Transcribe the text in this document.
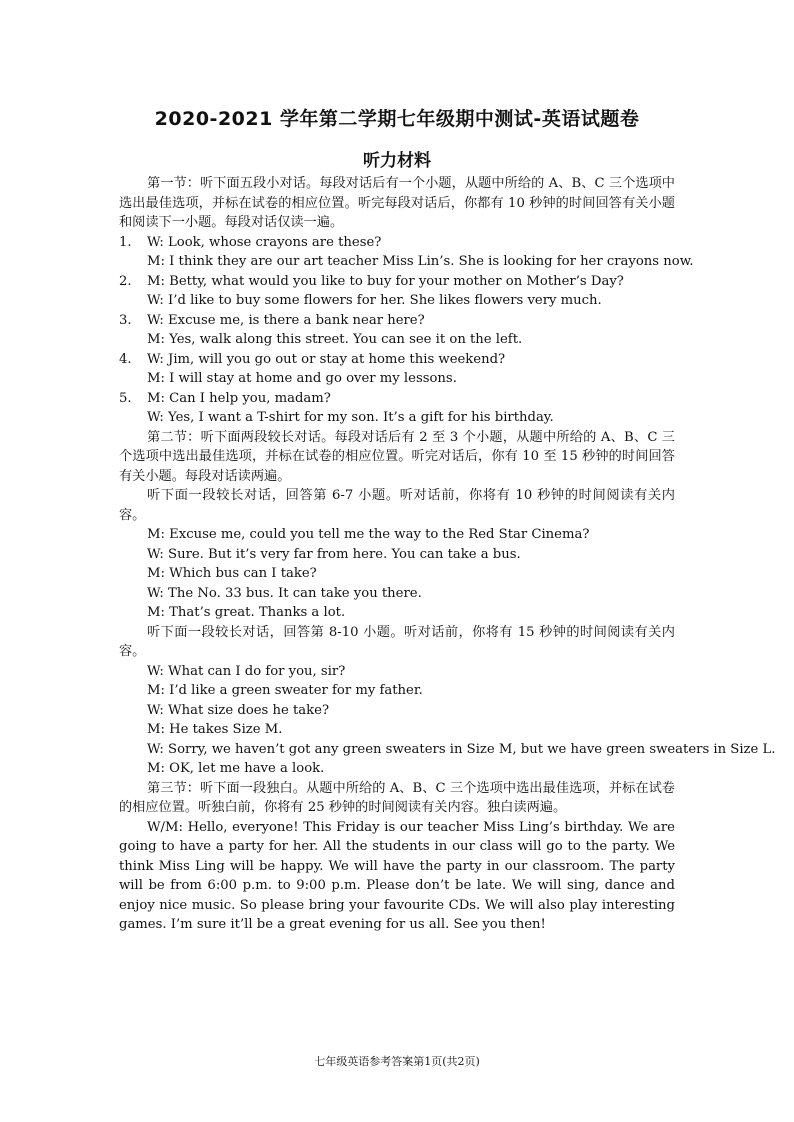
2020-2021 学年第二学期七年级期中测试-英语试题卷
听力材料

第一节：听下面五段小对话。每段对话后有一个小题，从题中所给的 A、B、C 三个选项中选出最佳选项，并标在试卷的相应位置。听完每段对话后，你都有 10 秒钟的时间回答有关小题和阅读下一小题。每段对话仅读一遍。

1. W: Look, whose crayons are these?

M: I think they are our art teacher Miss Lin’s. She is looking for her crayons now.

2. M: Betty, what would you like to buy for your mother on Mother’s Day?

W: I’d like to buy some flowers for her. She likes flowers very much.

3. W: Excuse me, is there a bank near here?

M: Yes, walk along this street. You can see it on the left.

4. W: Jim, will you go out or stay at home this weekend?

M: I will stay at home and go over my lessons.

5. M: Can I help you, madam?

W: Yes, I want a T-shirt for my son. It’s a gift for his birthday.

第二节：听下面两段较长对话。每段对话后有 2 至 3 个小题，从题中所给的 A、B、C 三个选项中选出最佳选项，并标在试卷的相应位置。听完对话后，你有 10 至 15 秒钟的时间回答有关小题。每段对话读两遍。

听下面一段较长对话，回答第 6-7 小题。听对话前，你将有 10 秒钟的时间阅读有关内容。

M: Excuse me, could you tell me the way to the Red Star Cinema?

W: Sure. But it’s very far from here. You can take a bus.

M: Which bus can I take?

W: The No. 33 bus. It can take you there.

M: That’s great. Thanks a lot.

听下面一段较长对话，回答第 8-10 小题。听对话前，你将有 15 秒钟的时间阅读有关内容。

W: What can I do for you, sir?

M: I’d like a green sweater for my father.

W: What size does he take?

M: He takes Size M.

W: Sorry, we haven’t got any green sweaters in Size M, but we have green sweaters in Size L.

M: OK, let me have a look.

第三节：听下面一段独白。从题中所给的 A、B、C 三个选项中选出最佳选项，并标在试卷的相应位置。听独白前，你将有 25 秒钟的时间阅读有关内容。独白读两遍。

W/M: Hello, everyone! This Friday is our teacher Miss Ling’s birthday. We are going to have a party for her. All the students in our class will go to the party. We think Miss Ling will be happy. We will have the party in our classroom. The party will be from 6:00 p.m. to 9:00 p.m. Please don’t be late. We will sing, dance and enjoy nice music. So please bring your favourite CDs. We will also play interesting games. I’m sure it’ll be a great evening for us all. See you then!

七年级英语参考答案第1页(共2页)
